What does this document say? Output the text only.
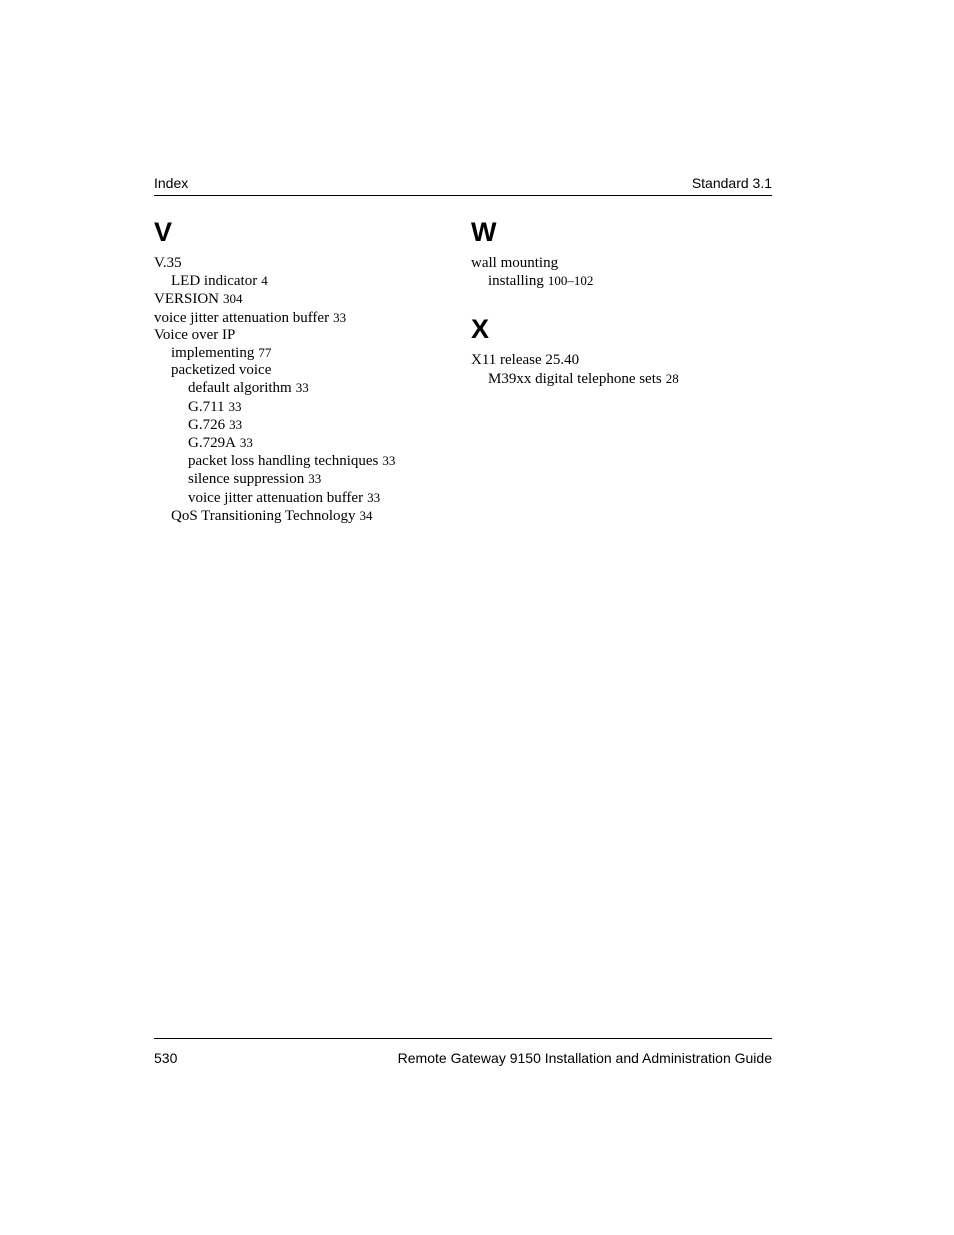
Index	Standard 3.1
V
V.35
LED indicator 4
VERSION 304
voice jitter attenuation buffer 33
Voice over IP
implementing 77
packetized voice
default algorithm 33
G.711 33
G.726 33
G.729A 33
packet loss handling techniques 33
silence suppression 33
voice jitter attenuation buffer 33
QoS Transitioning Technology 34
W
wall mounting
installing 100–102
X
X11 release 25.40
M39xx digital telephone sets 28
530	Remote Gateway 9150 Installation and Administration Guide
